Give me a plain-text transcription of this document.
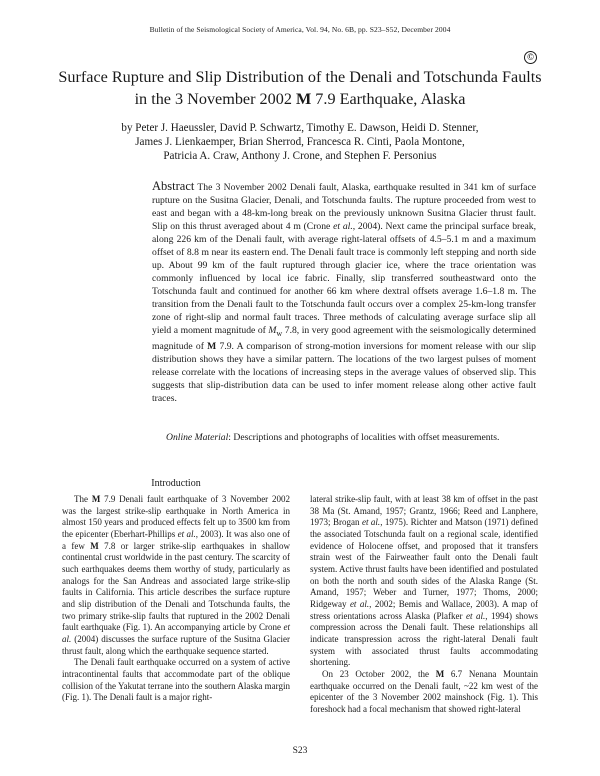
Bulletin of the Seismological Society of America, Vol. 94, No. 6B, pp. S23–S52, December 2004
©
Surface Rupture and Slip Distribution of the Denali and Totschunda Faults
in the 3 November 2002 M 7.9 Earthquake, Alaska
by Peter J. Haeussler, David P. Schwartz, Timothy E. Dawson, Heidi D. Stenner,
James J. Lienkaemper, Brian Sherrod, Francesca R. Cinti, Paola Montone,
Patricia A. Craw, Anthony J. Crone, and Stephen F. Personius
Abstract The 3 November 2002 Denali fault, Alaska, earthquake resulted in 341 km of surface rupture on the Susitna Glacier, Denali, and Totschunda faults. The rupture proceeded from west to east and began with a 48-km-long break on the previously unknown Susitna Glacier thrust fault. Slip on this thrust averaged about 4 m (Crone et al., 2004). Next came the principal surface break, along 226 km of the Denali fault, with average right-lateral offsets of 4.5–5.1 m and a maximum offset of 8.8 m near its eastern end. The Denali fault trace is commonly left stepping and north side up. About 99 km of the fault ruptured through glacier ice, where the trace orientation was commonly influenced by local ice fabric. Finally, slip transferred southeastward onto the Totschunda fault and continued for another 66 km where dextral offsets average 1.6–1.8 m. The transition from the Denali fault to the Totschunda fault occurs over a complex 25-km-long transfer zone of right-slip and normal fault traces. Three methods of calculating average surface slip all yield a moment magnitude of $M_w$ 7.8, in very good agreement with the seismologically determined magnitude of M 7.9. A comparison of strong-motion inversions for moment release with our slip distribution shows they have a similar pattern. The locations of the two largest pulses of moment release correlate with the locations of increasing steps in the average values of observed slip. This suggests that slip-distribution data can be used to infer moment release along other active fault traces.
Online Material: Descriptions and photographs of localities with offset measurements.
Introduction

The M 7.9 Denali fault earthquake of 3 November 2002 was the largest strike-slip earthquake in North America in almost 150 years and produced effects felt up to 3500 km from the epicenter (Eberhart-Phillips et al., 2003). It was also one of a few M 7.8 or larger strike-slip earthquakes in shallow continental crust worldwide in the past century. The scarcity of such earthquakes deems them worthy of study, particularly as analogs for the San Andreas and associated large strike-slip faults in California. This article describes the surface rupture and slip distribution of the Denali and Totschunda faults, the two primary strike-slip faults that ruptured in the 2002 Denali fault earthquake (Fig. 1). An accompanying article by Crone et al. (2004) discusses the surface rupture of the Susitna Glacier thrust fault, along which the earthquake sequence started.

The Denali fault earthquake occurred on a system of active intracontinental faults that accommodate part of the oblique collision of the Yakutat terrane into the southern Alaska margin (Fig. 1). The Denali fault is a major right-

lateral strike-slip fault, with at least 38 km of offset in the past 38 Ma (St. Amand, 1957; Grantz, 1966; Reed and Lanphere, 1973; Brogan et al., 1975). Richter and Matson (1971) defined the associated Totschunda fault on a regional scale, identified evidence of Holocene offset, and proposed that it transfers strain west of the Fairweather fault onto the Denali fault system. Active thrust faults have been identified and postulated on both the north and south sides of the Alaska Range (St. Amand, 1957; Weber and Turner, 1977; Thoms, 2000; Ridgeway et al., 2002; Bemis and Wallace, 2003). A map of stress orientations across Alaska (Plafker et al., 1994) shows compression across the Denali fault. These relationships all indicate transpression across the right-lateral Denali fault system with associated thrust faults accommodating shortening.

On 23 October 2002, the M 6.7 Nenana Mountain earthquake occurred on the Denali fault, ~22 km west of the epicenter of the 3 November 2002 mainshock (Fig. 1). This foreshock had a focal mechanism that showed right-lateral

S23
